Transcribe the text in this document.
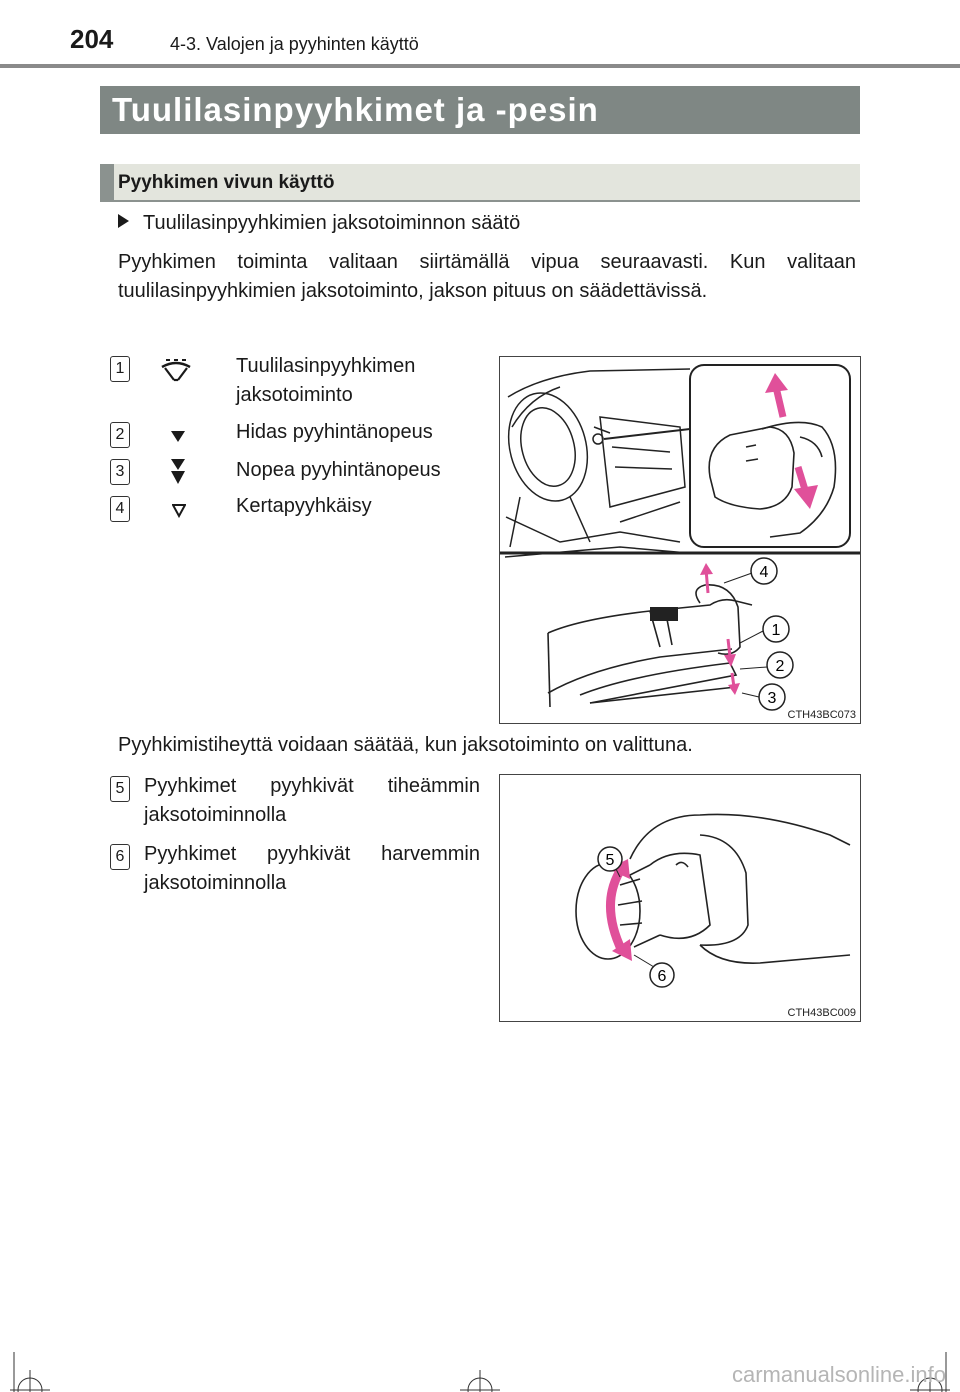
204	4-3. Valojen ja pyyhinten käyttö
Tuulilasinpyyhkimet ja -pesin
Pyyhkimen vivun käyttö
Tuulilasinpyyhkimien jaksotoiminnon säätö
Pyyhkimen toiminta valitaan siirtämällä vipua seuraavasti. Kun valitaan tuulilasinpyyhkimien jaksotoiminto, jakson pituus on säädettävissä.
1	Tuulilasinpyyhkimen
jaksotoiminto
2	Hidas pyyhintänopeus
3	Nopea pyyhintänopeus
4	Kertapyyhkäisy
4
1
2
3
CTH43BC073
Pyyhkimistiheyttä voidaan säätää, kun jaksotoiminto on valittuna.
5 Pyyhkimet pyyhkivät tiheämmin
jaksotoiminnolla
6 Pyyhkimet pyyhkivät harvemmin
jaksotoiminnolla
5
6
CTH43BC009
carmanualsonline.info
